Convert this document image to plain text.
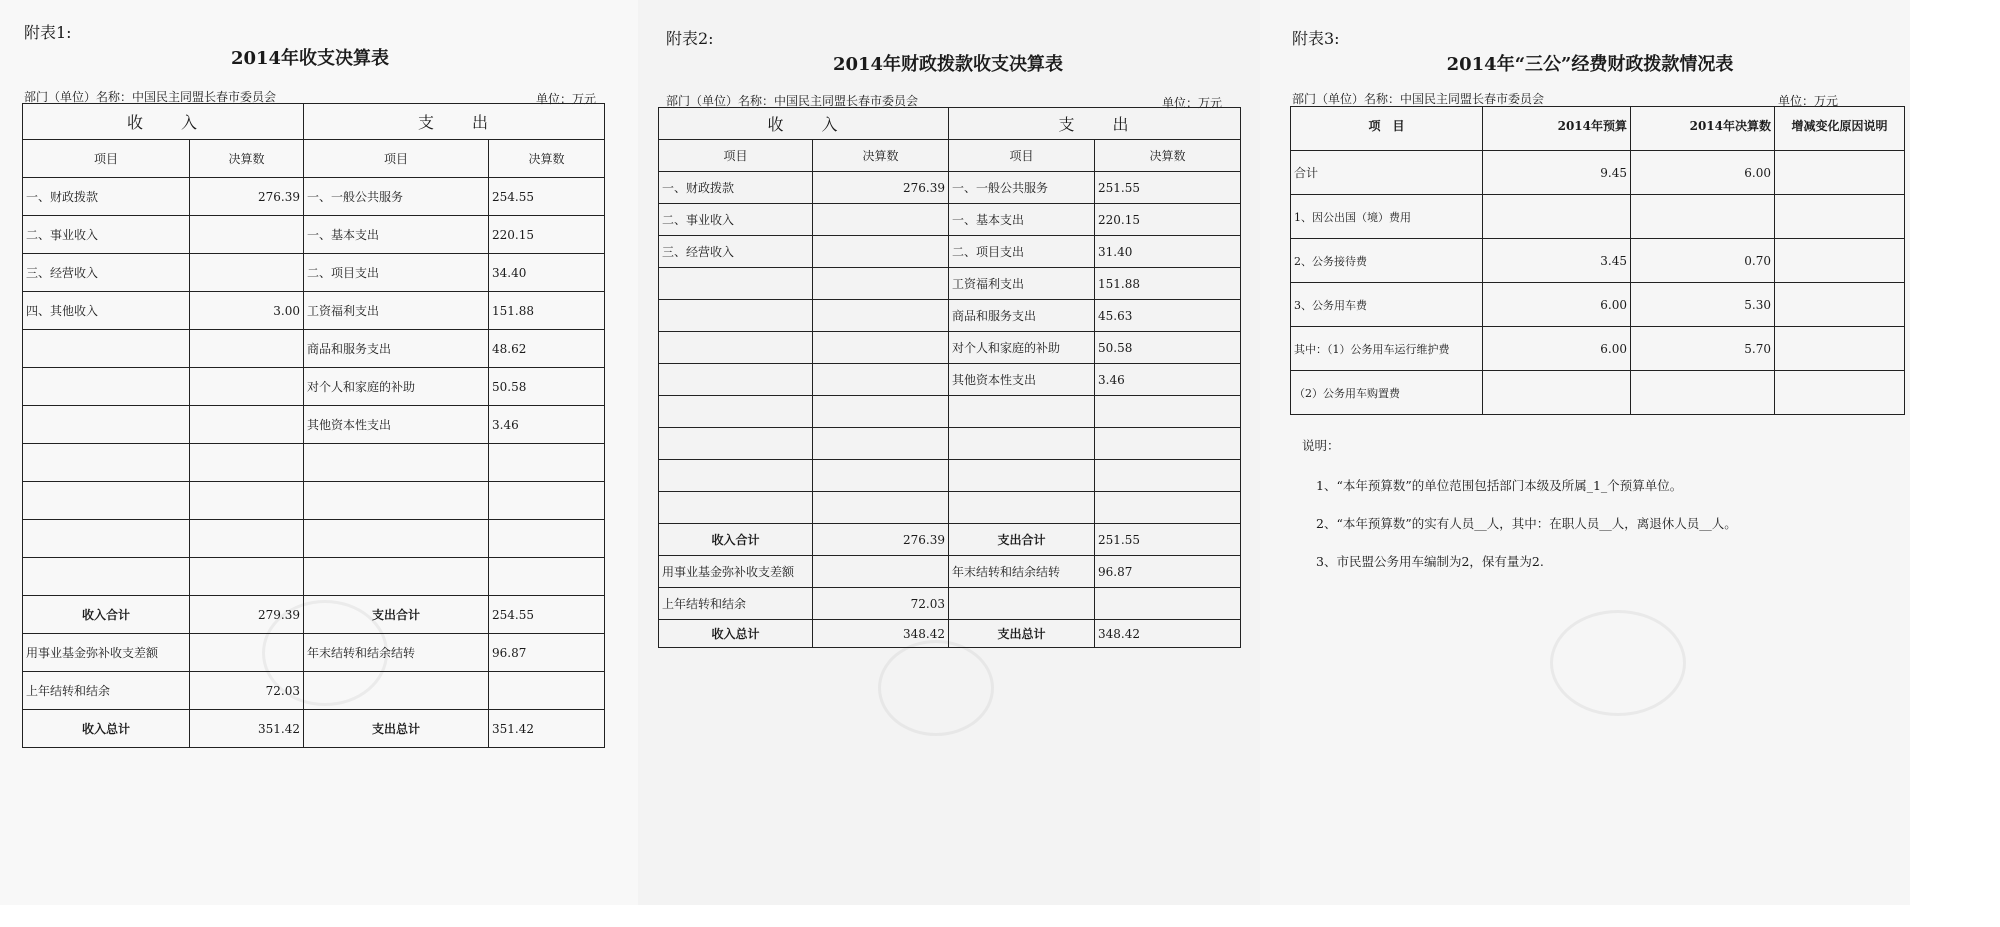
附表1:
2014年收支决算表
部门（单位）名称：中国民主同盟长春市委员会	单位：万元
收　　入		支　　出	
项目	决算数	项目	决算数
一、财政拨款	276.39	一、一般公共服务	254.55
二、事业收入		一、基本支出	220.15
三、经营收入		二、项目支出	34.40
四、其他收入	3.00	工资福利支出	151.88
		商品和服务支出	48.62
		对个人和家庭的补助	50.58
		其他资本性支出	3.46

收入合计	279.39	支出合计	254.55
用事业基金弥补收支差额		年末结转和结余结转	96.87
上年结转和结余	72.03		
收入总计	351.42	支出总计	351.42
附表2:
2014年财政拨款收支决算表
部门（单位）名称：中国民主同盟长春市委员会	单位：万元
收　　入		支　　出	
项目	决算数	项目	决算数
一、财政拨款	276.39	一、一般公共服务	251.55
二、事业收入		一、基本支出	220.15
三、经营收入		二、项目支出	31.40
		工资福利支出	151.88
		商品和服务支出	45.63
		对个人和家庭的补助	50.58
		其他资本性支出	3.46

收入合计	276.39	支出合计	251.55
用事业基金弥补收支差额		年末结转和结余结转	96.87
上年结转和结余	72.03		
收入总计	348.42	支出总计	348.42
附表3:
2014年“三公”经费财政拨款情况表
部门（单位）名称：中国民主同盟长春市委员会	单位：万元
项　目	2014年预算	2014年决算数	增减变化原因说明
合计	9.45	6.00	
1、因公出国（境）费用			
2、公务接待费	3.45	0.70	
3、公务用车费	6.00	5.30	
其中：（1）公务用车运行维护费	6.00	5.70	
（2）公务用车购置费			

说明：

1、“本年预算数”的单位范围包括部门本级及所属_1_个预算单位。

2、“本年预算数”的实有人员__人，其中：在职人员__人，离退休人员__人。

3、市民盟公务用车编制为2，保有量为2.
